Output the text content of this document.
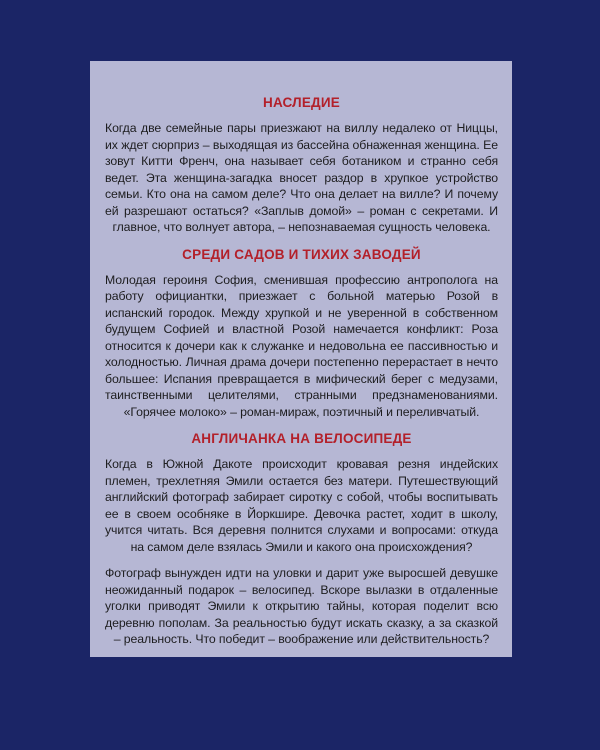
НАСЛЕДИЕ

Когда две семейные пары приезжают на виллу недалеко от Ниццы, их ждет сюрприз – выходящая из бассейна обнаженная женщина. Ее зовут Китти Френч, она называет себя ботаником и странно себя ведет. Эта женщина-загадка вносет раздор в хрупкое устройство семьи. Кто она на самом деле? Что она делает на вилле? И почему ей разрешают остаться? «Заплыв домой» – роман с секретами. И главное, что волнует автора, – непознаваемая сущность человека.

СРЕДИ САДОВ И ТИХИХ ЗАВОДЕЙ

Молодая героиня София, сменившая профессию антрополога на работу официантки, приезжает с больной матерью Розой в испанский городок. Между хрупкой и не уверенной в собственном будущем Софией и властной Розой намечается конфликт: Роза относится к дочери как к служанке и недовольна ее пассивностью и холодностью. Личная драма дочери постепенно перерастает в нечто большее: Испания превращается в мифический берег с медузами, таинственными целителями, странными предзнаменованиями. «Горячее молоко» – роман-мираж, поэтичный и переливчатый.

АНГЛИЧАНКА НА ВЕЛОСИПЕДЕ

Когда в Южной Дакоте происходит кровавая резня индейских племен, трехлетняя Эмили остается без матери. Путешествующий английский фотограф забирает сиротку с собой, чтобы воспитывать ее в своем особняке в Йоркшире. Девочка растет, ходит в школу, учится читать. Вся деревня полнится слухами и вопросами: откуда на самом деле взялась Эмили и какого она происхождения?

Фотограф вынужден идти на уловки и дарит уже выросшей девушке неожиданный подарок – велосипед. Вскоре вылазки в отдаленные уголки приводят Эмили к открытию тайны, которая поделит всю деревню пополам. За реальностью будут искать сказку, а за сказкой – реальность. Что победит – воображение или действительность?
